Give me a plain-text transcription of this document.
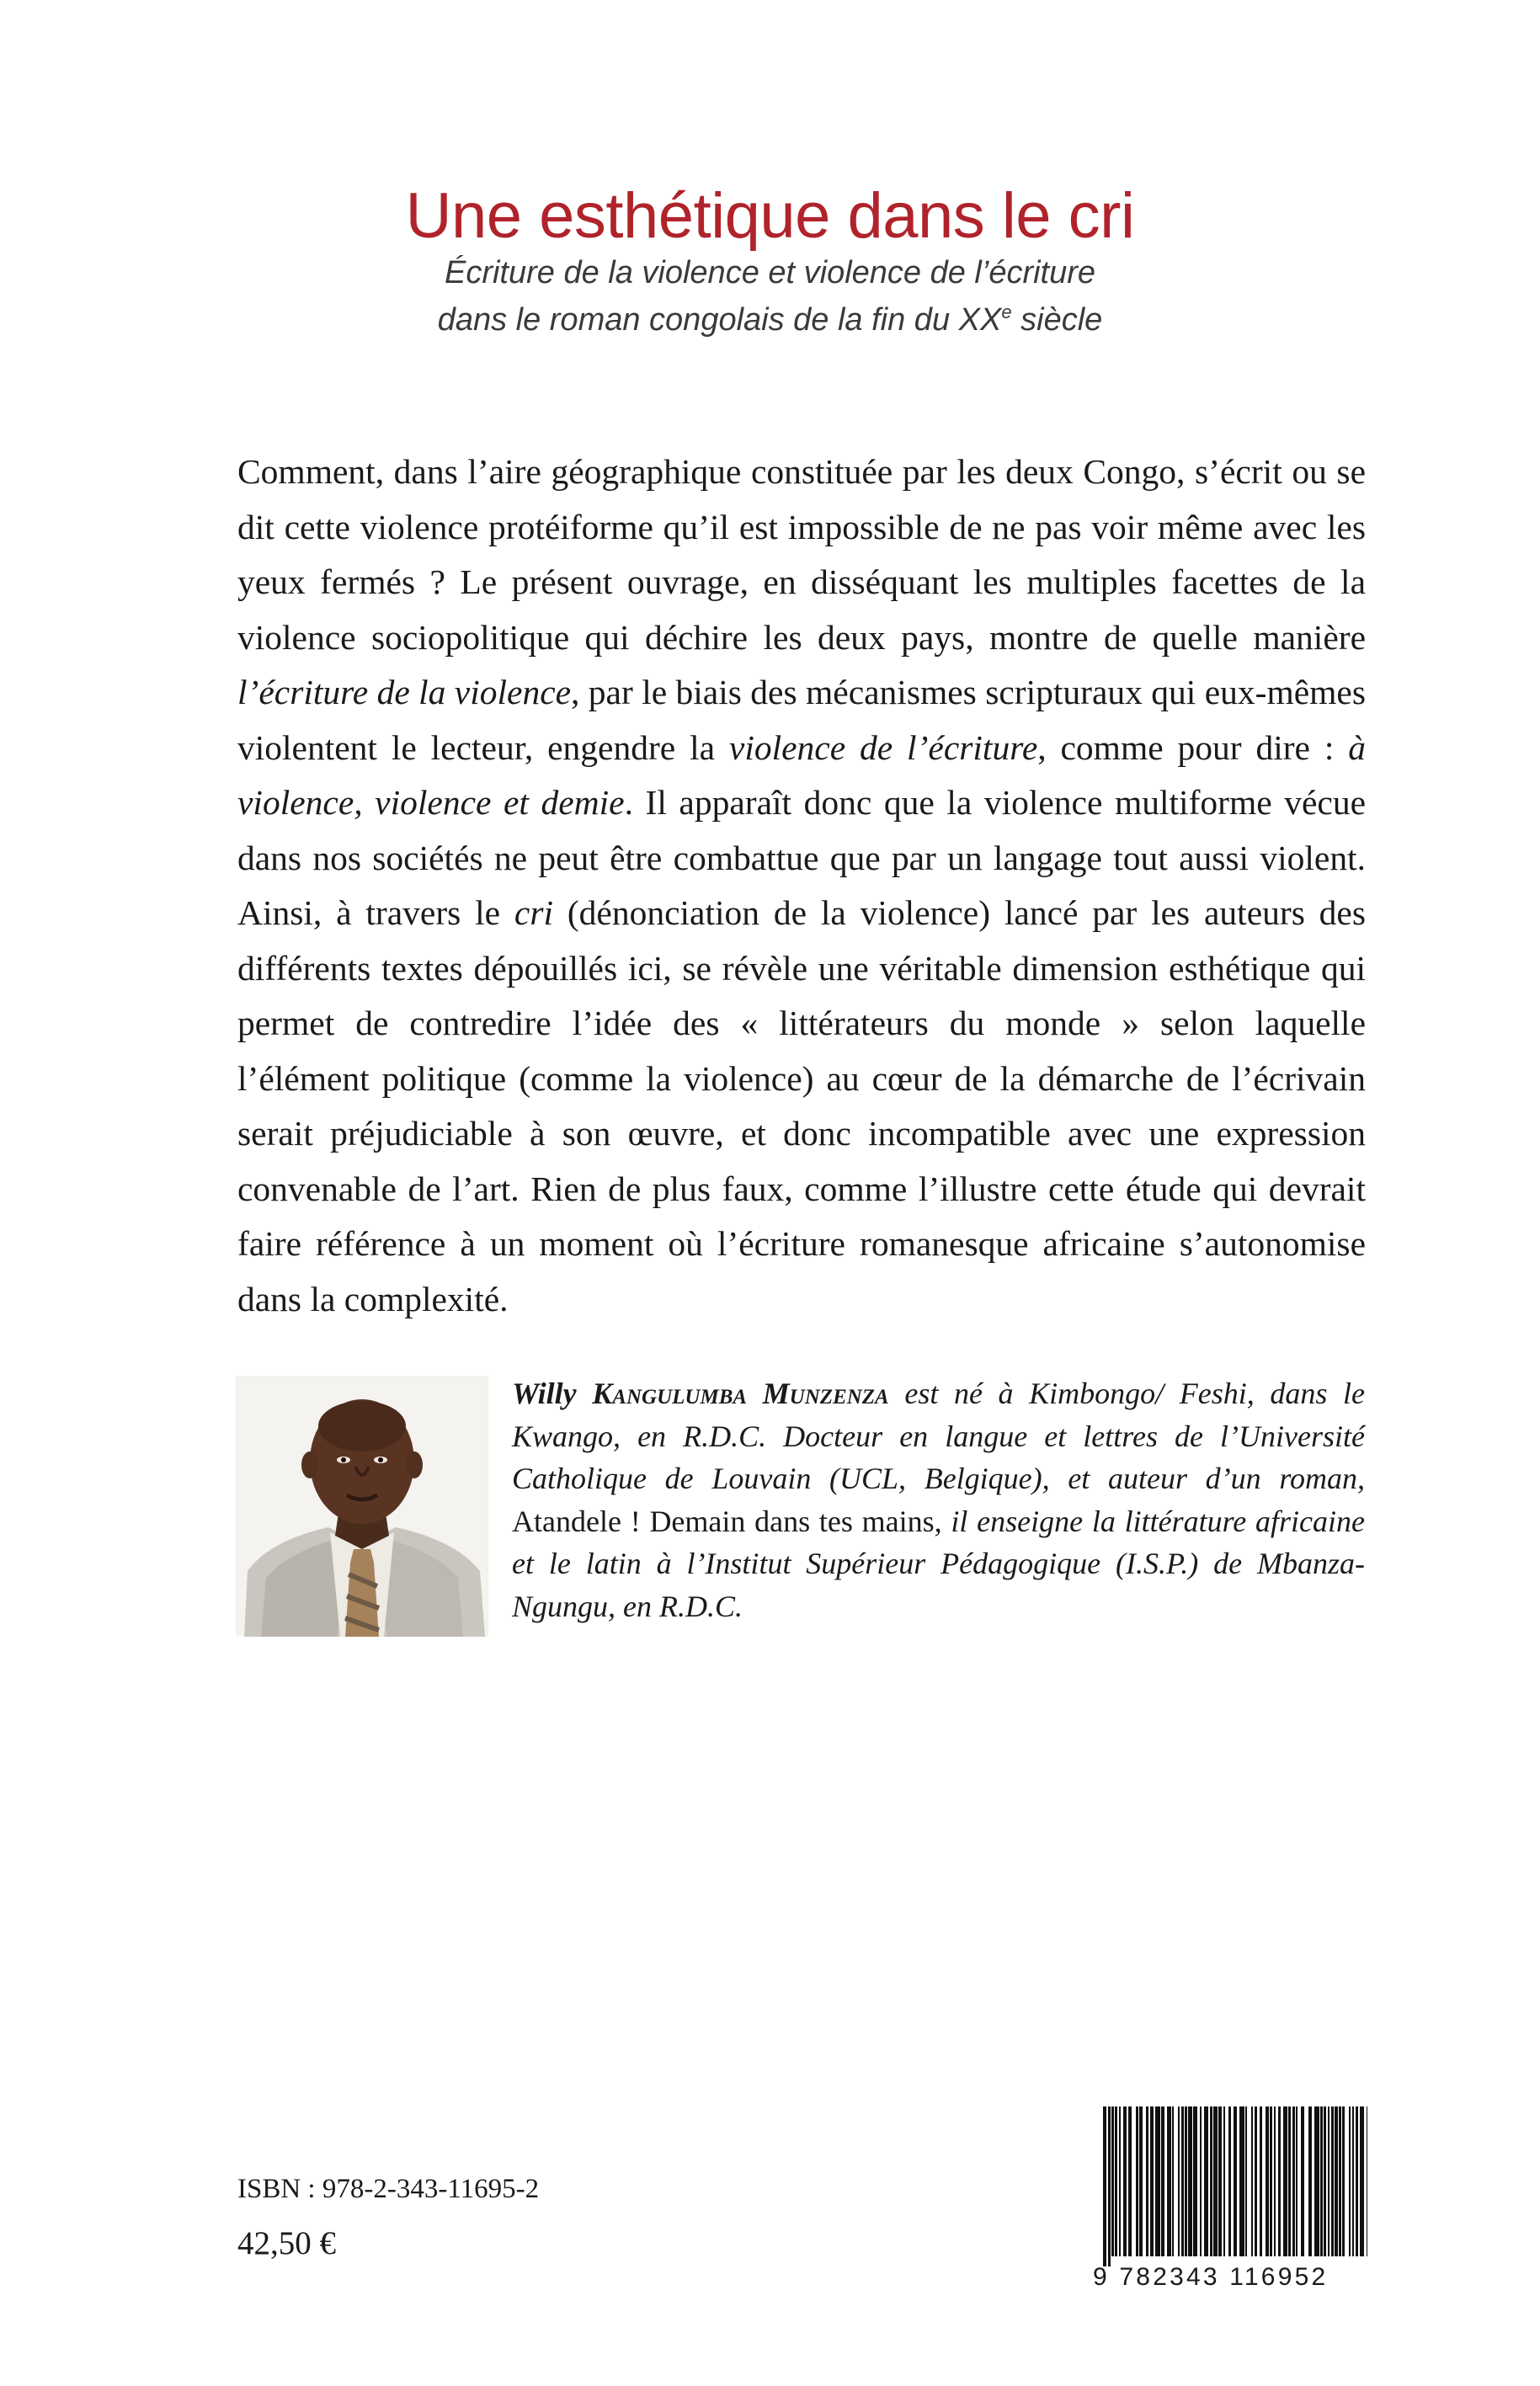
Une esthétique dans le cri
Écriture de la violence et violence de l’écriture
dans le roman congolais de la fin du XXe siècle

Comment, dans l’aire géographique constituée par les deux Congo, s’écrit ou se dit cette violence protéiforme qu’il est impossible de ne pas voir même avec les yeux fermés ? Le présent ouvrage, en disséquant les multiples facettes de la violence sociopolitique qui déchire les deux pays, montre de quelle manière l’écriture de la violence, par le biais des mécanismes scripturaux qui eux-mêmes violentent le lecteur, engendre la violence de l’écriture, comme pour dire : à violence, violence et demie. Il apparaît donc que la violence multiforme vécue dans nos sociétés ne peut être combattue que par un langage tout aussi violent. Ainsi, à travers le cri (dénonciation de la violence) lancé par les auteurs des différents textes dépouillés ici, se révèle une véritable dimension esthétique qui permet de contredire l’idée des « littérateurs du monde » selon laquelle l’élément politique (comme la violence) au cœur de la démarche de l’écrivain serait préjudiciable à son œuvre, et donc incompatible avec une expression convenable de l’art. Rien de plus faux, comme l’illustre cette étude qui devrait faire référence à un moment où l’écriture romanesque africaine s’autonomise dans la complexité.

Willy Kangulumba Munzenza est né à Kimbongo/ Feshi, dans le Kwango, en R.D.C. Docteur en langue et lettres de l’Université Catholique de Louvain (UCL, Belgique), et auteur d’un roman, Atandele ! Demain dans tes mains, il enseigne la littérature africaine et le latin à l’Institut Supérieur Pédagogique (I.S.P.) de Mbanza-Ngungu, en R.D.C.

ISBN : 978-2-343-11695-2
42,50 €
9 782343 116952
